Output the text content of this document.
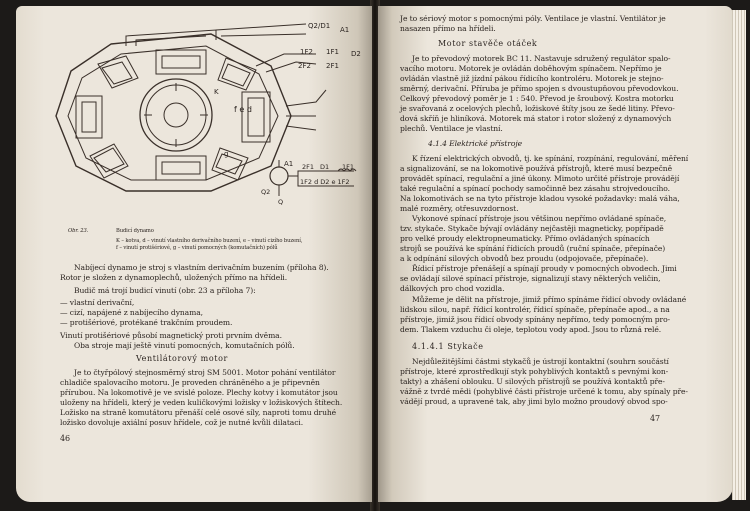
Q2/D1 A1
1F2 1F1 D2
2F2 2F1
K
f e d
g
A1 2F1 D1 1F1
1F2 d D2 e 1F2
Q2
Q
Obr. 23.	Budicí dynamo
K – kotva, d – vinutí vlastního derivačního buzení, e – vinutí cizího buzení,
f – vinutí protišériové, g – vinutí pomocných (komutačních) pólů
Nabíjecí dynamo je stroj s vlastním derivačním buzením (příloha 8).
Rotor je složen z dynamoplechů, uložených přímo na hřídeli.
Budič má trojí budicí vinutí (obr. 23 a příloha 7):
— vlastní derivační,
— cizí, napájené z nabíjecího dynama,
— protišériové, protékané trakčním proudem.
Vinutí protišériové působí magnetický proti prvním dvěma.
Oba stroje mají ještě vinutí pomocných, komutačních pólů.
Ventilátorový motor
Je to čtyřpólový stejnosměrný stroj SM 5001. Motor pohání ventilátor
chladiče spalovacího motoru. Je proveden chráněného a je připevněn
přírubou. Na lokomotivě je ve svislé poloze. Plechy kotvy i komutátor jsou
uloženy na hřídeli, který je veden kuličkovými ložisky v ložiskových štítech.
Ložisko na straně komutátoru přenáší celé osové síly, naproti tomu druhé
ložisko dovoluje axiální posuv hřídele, což je nutné kvůli dilataci.
46
Je to sériový motor s pomocnými póly. Ventilace je vlastní. Ventilátor je
nasazen přímo na hřídeli.
Motor stavěče otáček
Je to převodový motorek BC 11. Nastavuje sdružený regulátor spalo-
vacího motoru. Motorek je ovládán doběhovým spínačem. Nepřímo je
ovládán vlastně již jízdní pákou řídicího kontroléru. Motorek je stejno-
směrný, derivační. Příruba je přímo spojen s dvoustupňovou převodovkou.
Celkový převodový poměr je 1 : 540. Převod je šroubový. Kostra motorku
je svařovaná z ocelových plechů, ložiskové štíty jsou ze šedé litiny. Převo-
dová skříň je hliníková. Motorek má stator i rotor složený z dynamových
plechů. Ventilace je vlastní.
4.1.4 Elektrické přístroje
K řízení elektrických obvodů, tj. ke spínání, rozpínání, regulování, měření
a signalizování, se na lokomotivě používá přístrojů, které musí bezpečně
provádět spínací, regulační a jiné úkony. Mimoto určité přístroje provádějí
také regulační a spínací pochody samočinně bez zásahu strojvedoucího.
Na lokomotivách se na tyto přístroje kladou vysoké požadavky: malá váha,
malé rozměry, otřesuvzdornost.
Vykonové spínací přístroje jsou většinou nepřímo ovládané spínače,
tzv. stykače. Stykače bývají ovládány nejčastěji magneticky, popřípadě
pro velké proudy elektropneumaticky. Přímo ovládaných spínacích
strojů se používá ke spínání řídicích proudů (ruční spínače, přepínače)
a k odpínání silových obvodů bez proudu (odpojovače, přepínače).
Řídicí přístroje přenášejí a spínají proudy v pomocných obvodech. Jimi
se ovládají silové spínací přístroje, signalizují stavy některých veličin,
dálkových pro chod vozidla.
Můžeme je dělit na přístroje, jimiž přímo spínáme řídicí obvody ovládané
lidskou silou, např. řídicí kontrolér, řídicí spínače, přepínače apod., a na
přístroje, jimiž jsou řídicí obvody spínány nepřímo, tedy pomocným pro-
dem. Tlakem vzduchu či oleje, teplotou vody apod. Jsou to různá relé.
4.1.4.1 Stykače
Nejdůležitějšími částmi stykačů je ústrojí kontaktní (souhrn součástí
přístroje, které zprostředkují styk pohyblivých kontaktů s pevnými kon-
takty) a zhášení oblouku. U silových přístrojů se používá kontaktů pře-
vážně z tvrdé mědi (pohyblivé části přístroje určené k tomu, aby spínaly pře-
vádějí proud, a upravené tak, aby jimi bylo možno proudový obvod spo-
47
